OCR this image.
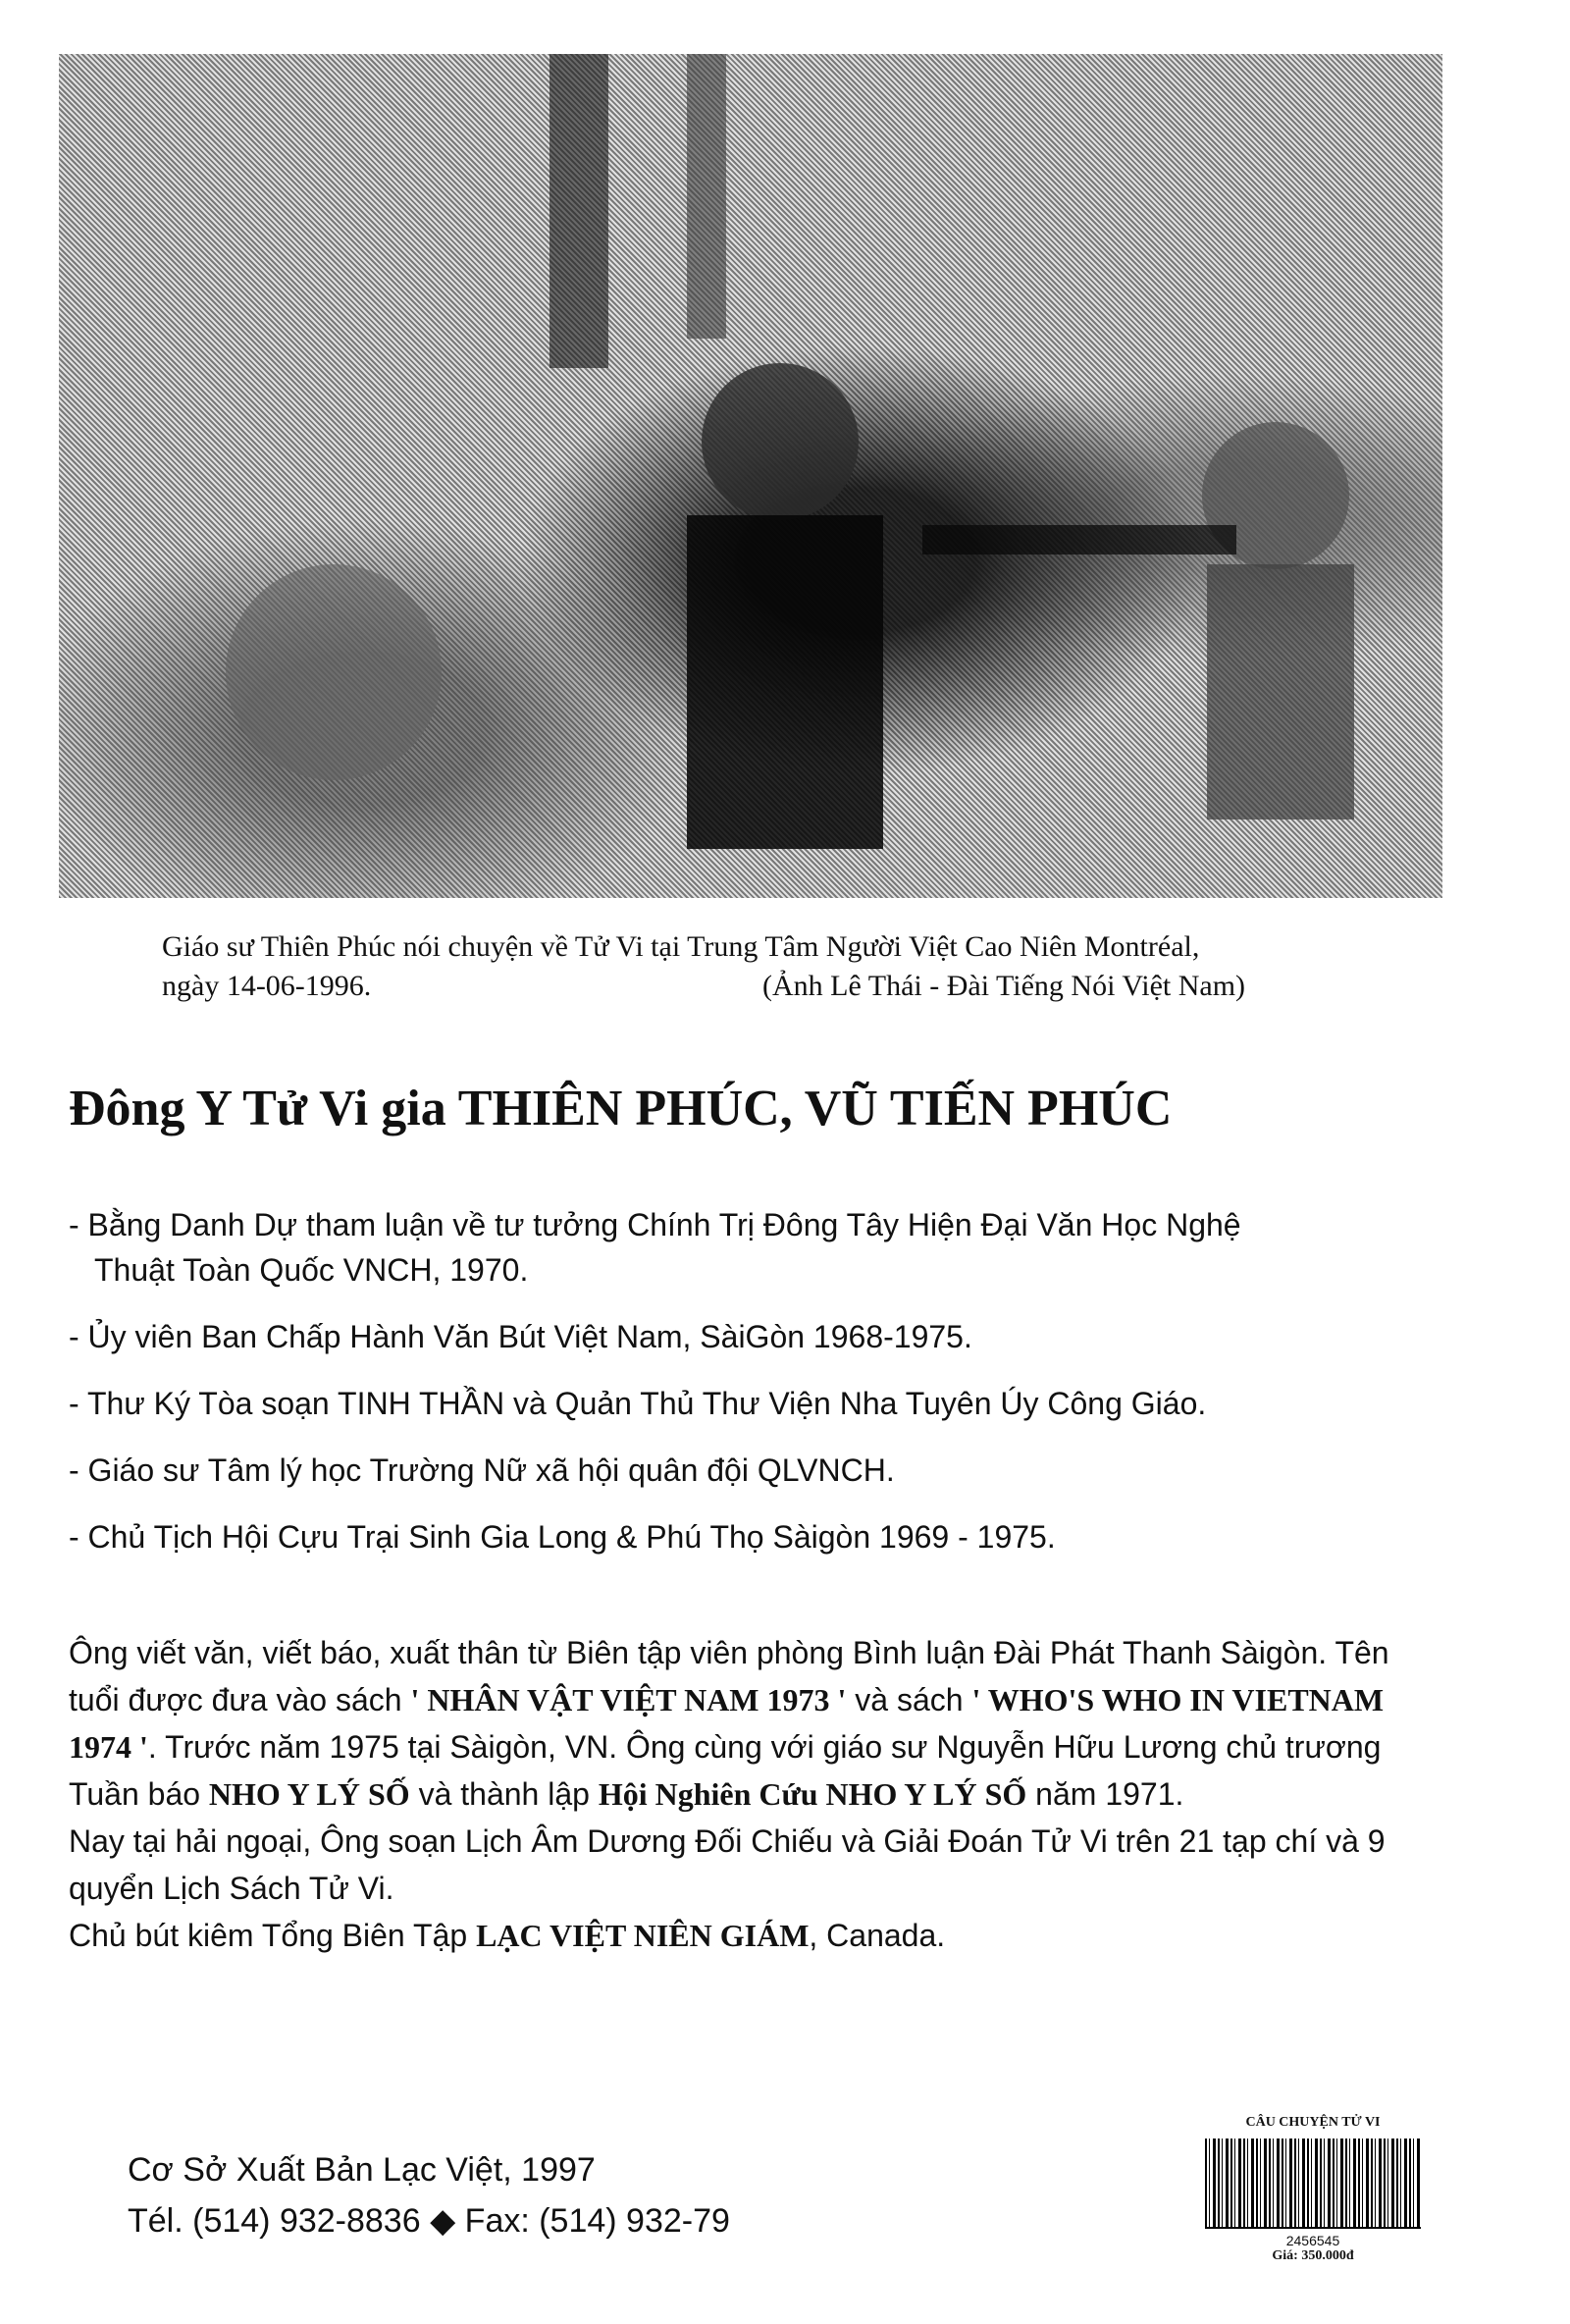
Giáo sư Thiên Phúc nói chuyện về Tử Vi tại Trung Tâm Người Việt Cao Niên Montréal,
ngày 14-06-1996.	(Ảnh Lê Thái - Đài Tiếng Nói Việt Nam)
Đông Y Tử Vi gia THIÊN PHÚC, VŨ TIẾN PHÚC
- Bằng Danh Dự tham luận về tư tưởng Chính Trị Đông Tây Hiện Đại Văn Học Nghệ
Thuật Toàn Quốc VNCH, 1970.
- Ủy viên Ban Chấp Hành Văn Bút Việt Nam, SàiGòn 1968-1975.
- Thư Ký Tòa soạn TINH THẦN và Quản Thủ Thư Viện Nha Tuyên Úy Công Giáo.
- Giáo sư Tâm lý học Trường Nữ xã hội quân đội QLVNCH.
- Chủ Tịch Hội Cựu Trại Sinh Gia Long & Phú Thọ Sàigòn 1969 - 1975.
Ông viết văn, viết báo, xuất thân từ Biên tập viên phòng Bình luận Đài Phát Thanh Sàigòn. Tên tuổi được đưa vào sách ' NHÂN VẬT VIỆT NAM 1973 ' và sách ' WHO'S WHO IN VIETNAM 1974 '. Trước năm 1975 tại Sàigòn, VN. Ông cùng với giáo sư Nguyễn Hữu Lương chủ trương Tuần báo NHO Y LÝ SỐ và thành lập Hội Nghiên Cứu NHO Y LÝ SỐ năm 1971.
Nay tại hải ngoại, Ông soạn Lịch Âm Dương Đối Chiếu và Giải Đoán Tử Vi trên 21 tạp chí và 9 quyển Lịch Sách Tử Vi.
Chủ bút kiêm Tổng Biên Tập LẠC VIỆT NIÊN GIÁM, Canada.
Cơ Sở Xuất Bản Lạc Việt, 1997
Tél. (514) 932-8836 ◆ Fax: (514) 932-79
CÂU CHUYỆN TỬ VI
2456545
Giá: 350.000đ
